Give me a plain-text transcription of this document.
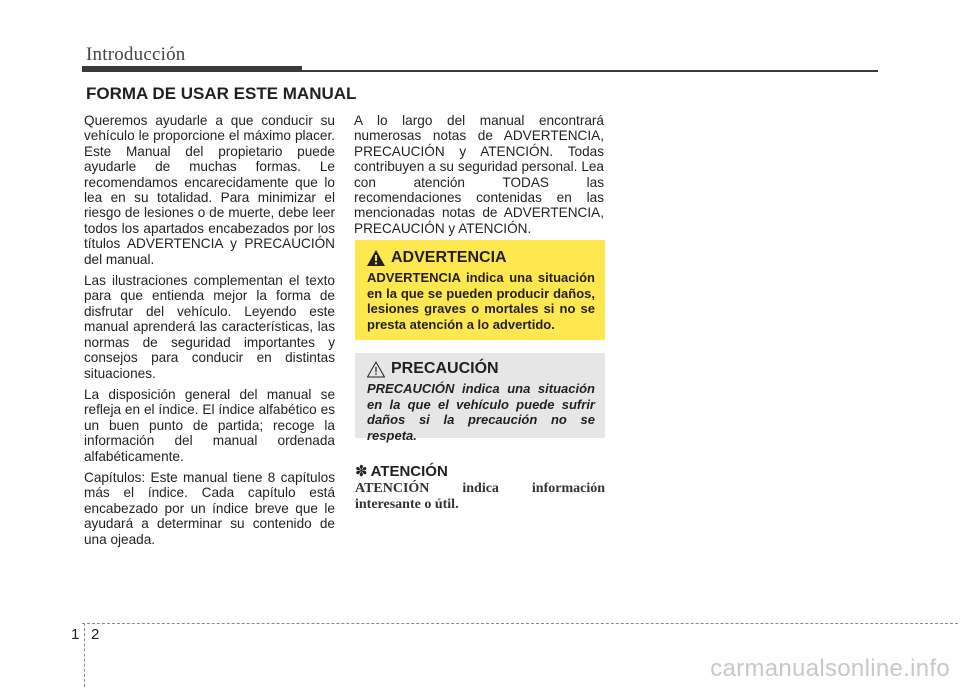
Introducción
FORMA DE USAR ESTE MANUAL

Queremos ayudarle a que conducir su vehículo le proporcione el máximo placer. Este Manual del propietario puede ayudarle de muchas formas. Le recomendamos encarecidamente que lo lea en su totalidad. Para minimizar el riesgo de lesiones o de muerte, debe leer todos los apartados encabezados por los títulos ADVERTENCIA y PRECAUCIÓN del manual.

Las ilustraciones complementan el texto para que entienda mejor la forma de disfrutar del vehículo. Leyendo este manual aprenderá las características, las normas de seguridad importantes y consejos para conducir en distintas situaciones.

La disposición general del manual se refleja en el índice. El índice alfabético es un buen punto de partida; recoge la información del manual ordenada alfabéticamente.

Capítulos: Este manual tiene 8 capítulos más el índice. Cada capítulo está encabezado por un índice breve que le ayudará a determinar su contenido de una ojeada.

A lo largo del manual encontrará numerosas notas de ADVERTENCIA, PRECAUCIÓN y ATENCIÓN. Todas contribuyen a su seguridad personal. Lea con atención TODAS las recomendaciones contenidas en las mencionadas notas de ADVERTENCIA, PRECAUCIÓN y ATENCIÓN.

ADVERTENCIA
ADVERTENCIA indica una situación en la que se pueden producir daños, lesiones graves o mortales si no se presta atención a lo advertido.
PRECAUCIÓN
PRECAUCIÓN indica una situación en la que el vehículo puede sufrir daños si la precaución no se respeta.
✽ ATENCIÓN
ATENCIÓN indica información interesante o útil.
1 2
carmanualsonline.info
